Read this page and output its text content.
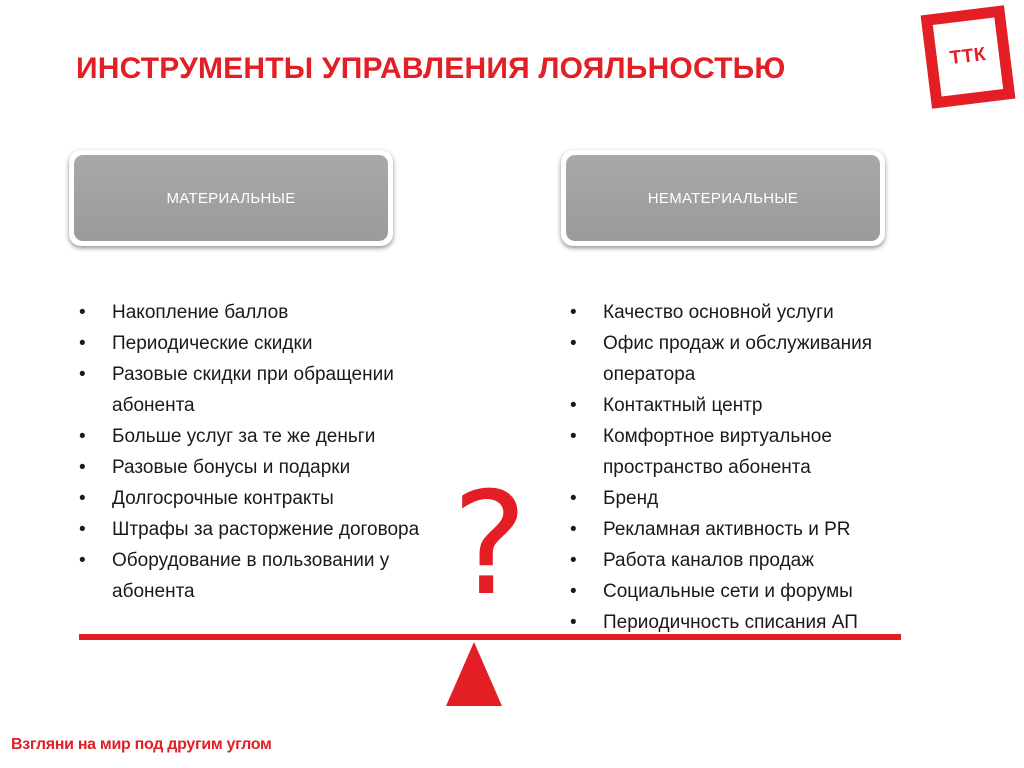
ИНСТРУМЕНТЫ УПРАВЛЕНИЯ ЛОЯЛЬНОСТЬЮ	ТТК
МАТЕРИАЛЬНЫЕ	НЕМАТЕРИАЛЬНЫЕ
• Накопление баллов
• Периодические скидки
• Разовые скидки при обращении абонента
• Больше услуг за те же деньги
• Разовые бонусы и подарки
• Долгосрочные контракты
• Штрафы за расторжение договора
• Оборудование в пользовании у абонента
• Качество основной услуги
• Офис продаж и обслуживания оператора
• Контактный центр
• Комфортное виртуальное пространство абонента
• Бренд
• Рекламная активность и PR
• Работа каналов продаж
• Социальные сети и форумы
• Периодичность списания АП
?
Взгляни на мир под другим углом
